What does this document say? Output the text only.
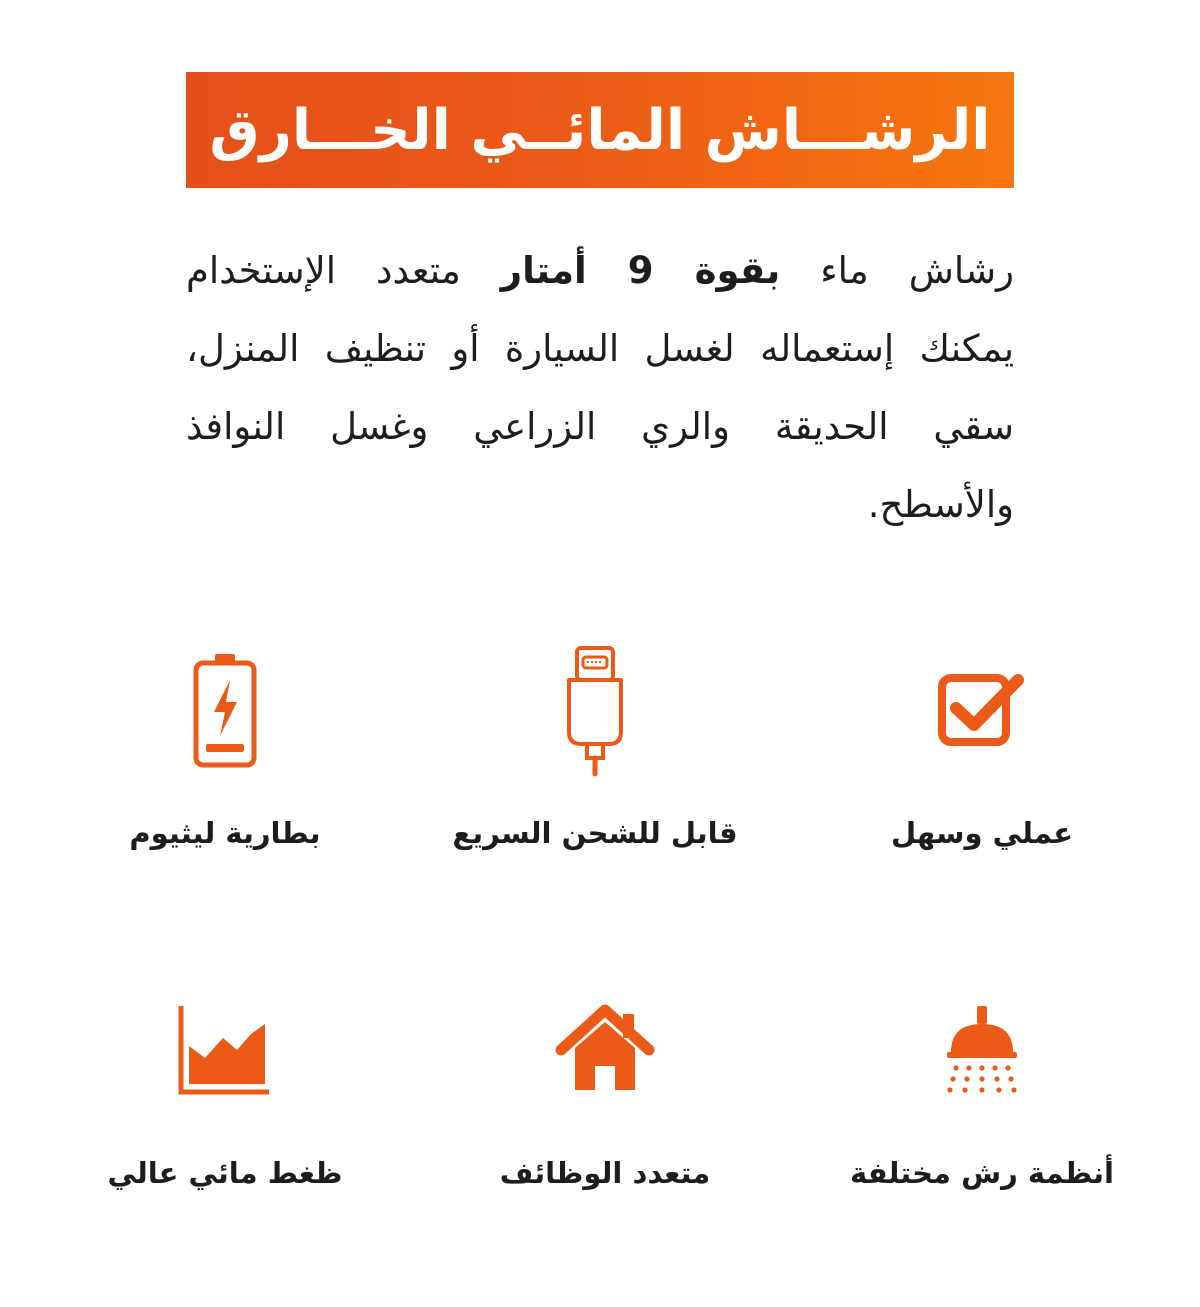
الرشـــاش المائــي الخـــارق
رشاش ماء بقوة 9 أمتار متعدد الإستخدام
يمكنك إستعماله لغسل السيارة أو تنظيف المنزل،
سقي الحديقة والري الزراعي وغسل النوافذ
والأسطح.
عملي وسهل
قابل للشحن السريع
بطارية ليثيوم
أنظمة رش مختلفة
متعدد الوظائف
ظغط مائي عالي
